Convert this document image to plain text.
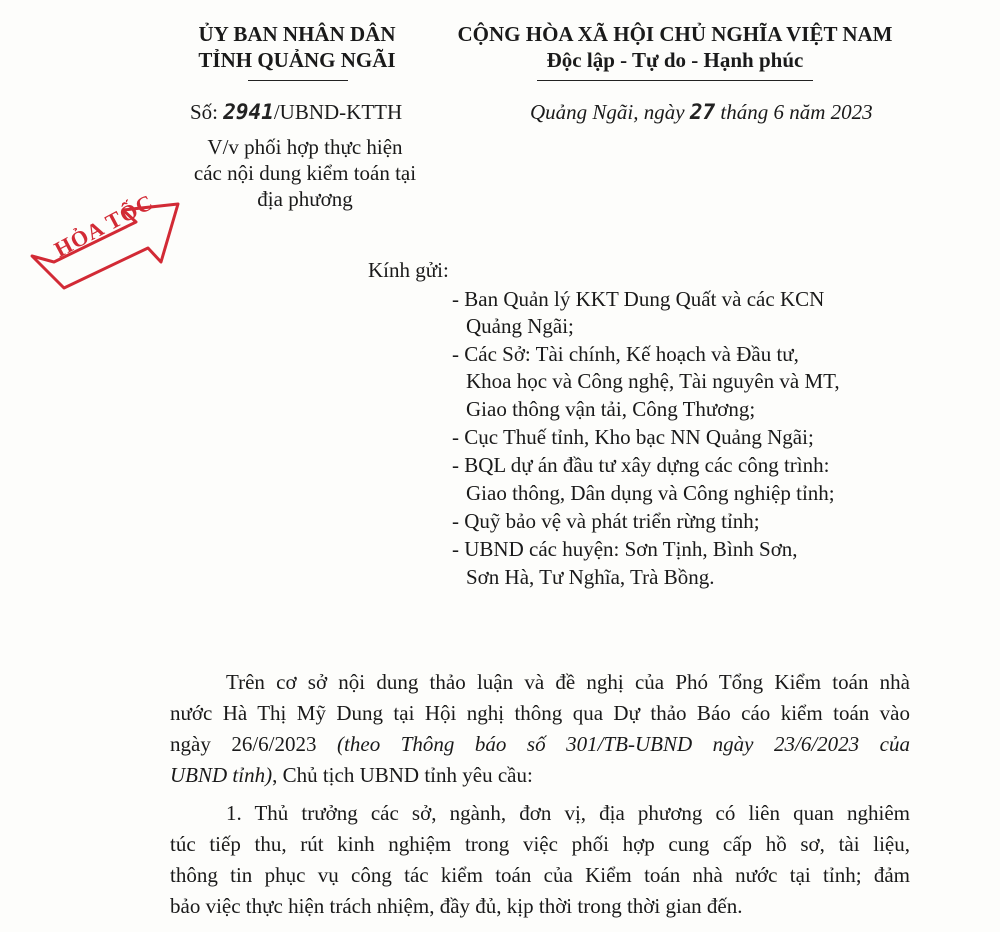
ỦY BAN NHÂN DÂN
TỈNH QUẢNG NGÃI
CỘNG HÒA XÃ HỘI CHỦ NGHĨA VIỆT NAM
Độc lập - Tự do - Hạnh phúc
Số: 2941/UBND-KTTH
V/v phối hợp thực hiện
các nội dung kiểm toán tại
địa phương
Quảng Ngãi, ngày 27 tháng 6 năm 2023
HỎA TỐC
Kính gửi:
- Ban Quản lý KKT Dung Quất và các KCN
Quảng Ngãi;
- Các Sở: Tài chính, Kế hoạch và Đầu tư,
Khoa học và Công nghệ, Tài nguyên và MT,
Giao thông vận tải, Công Thương;
- Cục Thuế tỉnh, Kho bạc NN Quảng Ngãi;
- BQL dự án đầu tư xây dựng các công trình:
Giao thông, Dân dụng và Công nghiệp tỉnh;
- Quỹ bảo vệ và phát triển rừng tỉnh;
- UBND các huyện: Sơn Tịnh, Bình Sơn,
Sơn Hà, Tư Nghĩa, Trà Bồng.
Trên cơ sở nội dung thảo luận và đề nghị của Phó Tổng Kiểm toán nhà
nước Hà Thị Mỹ Dung tại Hội nghị thông qua Dự thảo Báo cáo kiểm toán vào
ngày 26/6/2023 (theo Thông báo số 301/TB-UBND ngày 23/6/2023 của
UBND tỉnh), Chủ tịch UBND tỉnh yêu cầu:
1. Thủ trưởng các sở, ngành, đơn vị, địa phương có liên quan nghiêm
túc tiếp thu, rút kinh nghiệm trong việc phối hợp cung cấp hồ sơ, tài liệu,
thông tin phục vụ công tác kiểm toán của Kiểm toán nhà nước tại tỉnh; đảm
bảo việc thực hiện trách nhiệm, đầy đủ, kịp thời trong thời gian đến.
